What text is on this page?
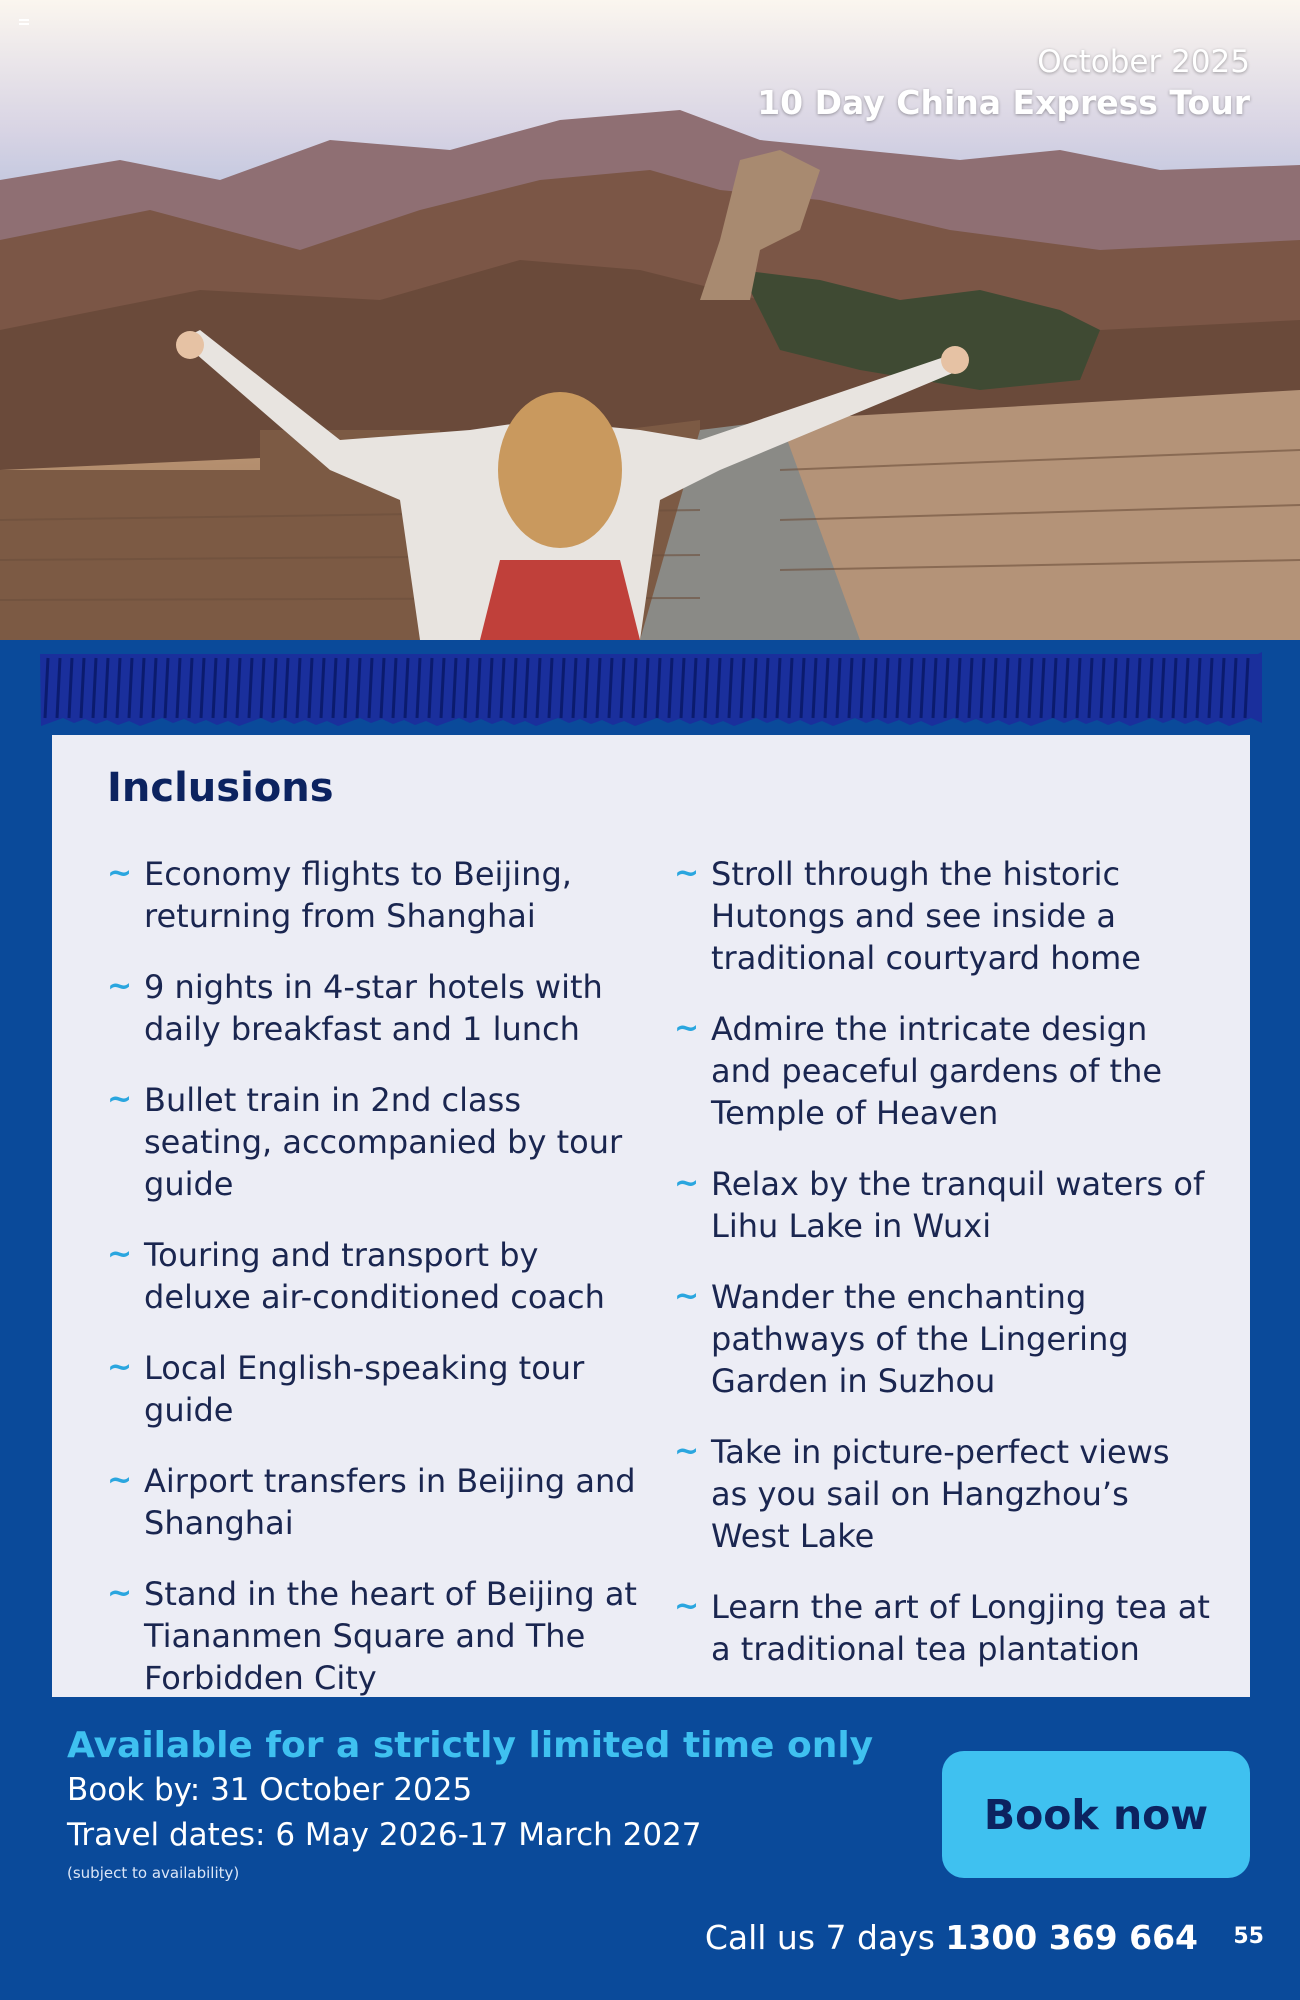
October 2025
10 Day China Express Tour
Inclusions
~ Economy flights to Beijing, returning from Shanghai
~ 9 nights in 4-star hotels with daily breakfast and 1 lunch
~ Bullet train in 2nd class seating, accompanied by tour guide
~ Touring and transport by deluxe air-conditioned coach
~ Local English-speaking tour guide
~ Airport transfers in Beijing and Shanghai
~ Stand in the heart of Beijing at Tiananmen Square and The Forbidden City
~ Stroll through the historic Hutongs and see inside a traditional courtyard home
~ Admire the intricate design and peaceful gardens of the Temple of Heaven
~ Relax by the tranquil waters of Lihu Lake in Wuxi
~ Wander the enchanting pathways of the Lingering Garden in Suzhou
~ Take in picture-perfect views as you sail on Hangzhou’s West Lake
~ Learn the art of Longjing tea at a traditional tea plantation
Available for a strictly limited time only
Book by: 31 October 2025
Travel dates: 6 May 2026-17 March 2027
(subject to availability)
Book now
Call us 7 days 1300 369 664 55
